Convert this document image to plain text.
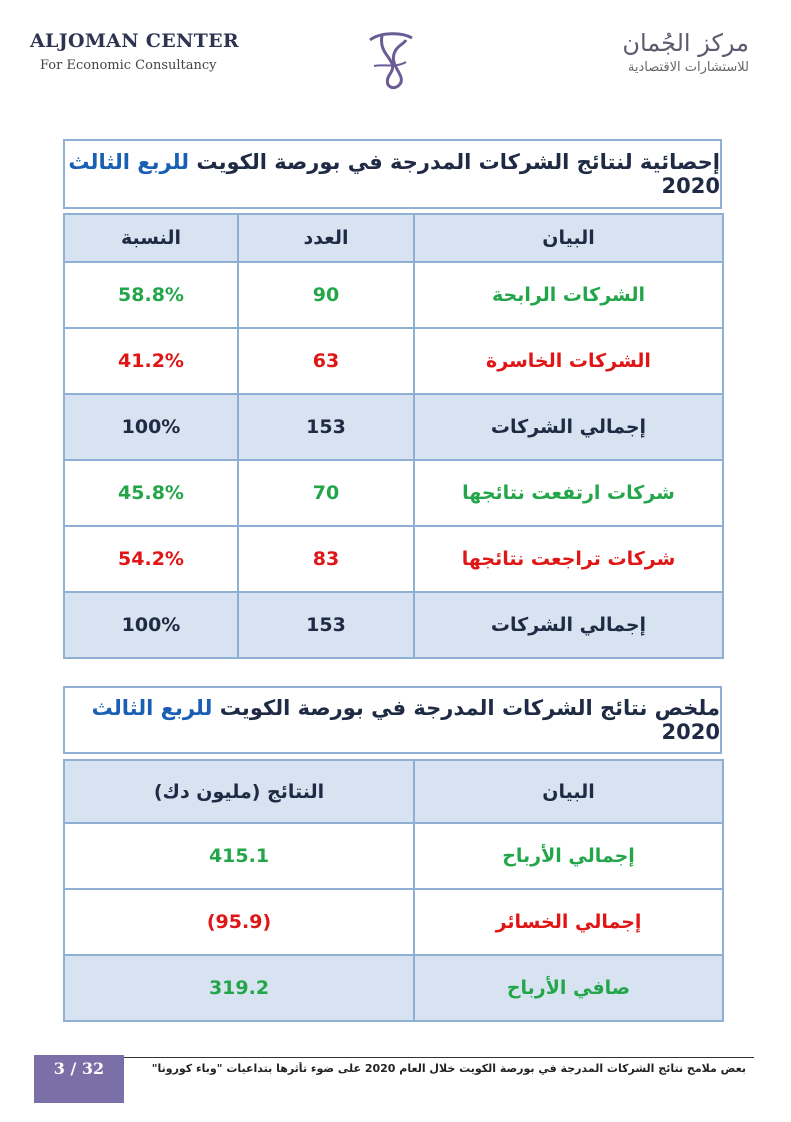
ALJOMAN CENTER
For Economic Consultancy
مركز الجُمان
للاستشارات الاقتصادية
إحصائية لنتائج الشركات المدرجة في بورصة الكويت للربع الثالث 2020
البيان	العدد	النسبة
الشركات الرابحة	90	58.8%
الشركات الخاسرة	63	41.2%
إجمالي الشركات	153	100%
شركات ارتفعت نتائجها	70	45.8%
شركات تراجعت نتائجها	83	54.2%
إجمالي الشركات	153	100%
ملخص نتائج الشركات المدرجة في بورصة الكويت للربع الثالث 2020
البيان	النتائج (مليون دك)
إجمالي الأرباح	415.1
إجمالي الخسائر	(95.9)
صافي الأرباح	319.2
3 / 32	بعض ملامح نتائج الشركات المدرجة في بورصة الكويت خلال العام 2020 على ضوء تأثرها بتداعيات "وباء كورونا"
